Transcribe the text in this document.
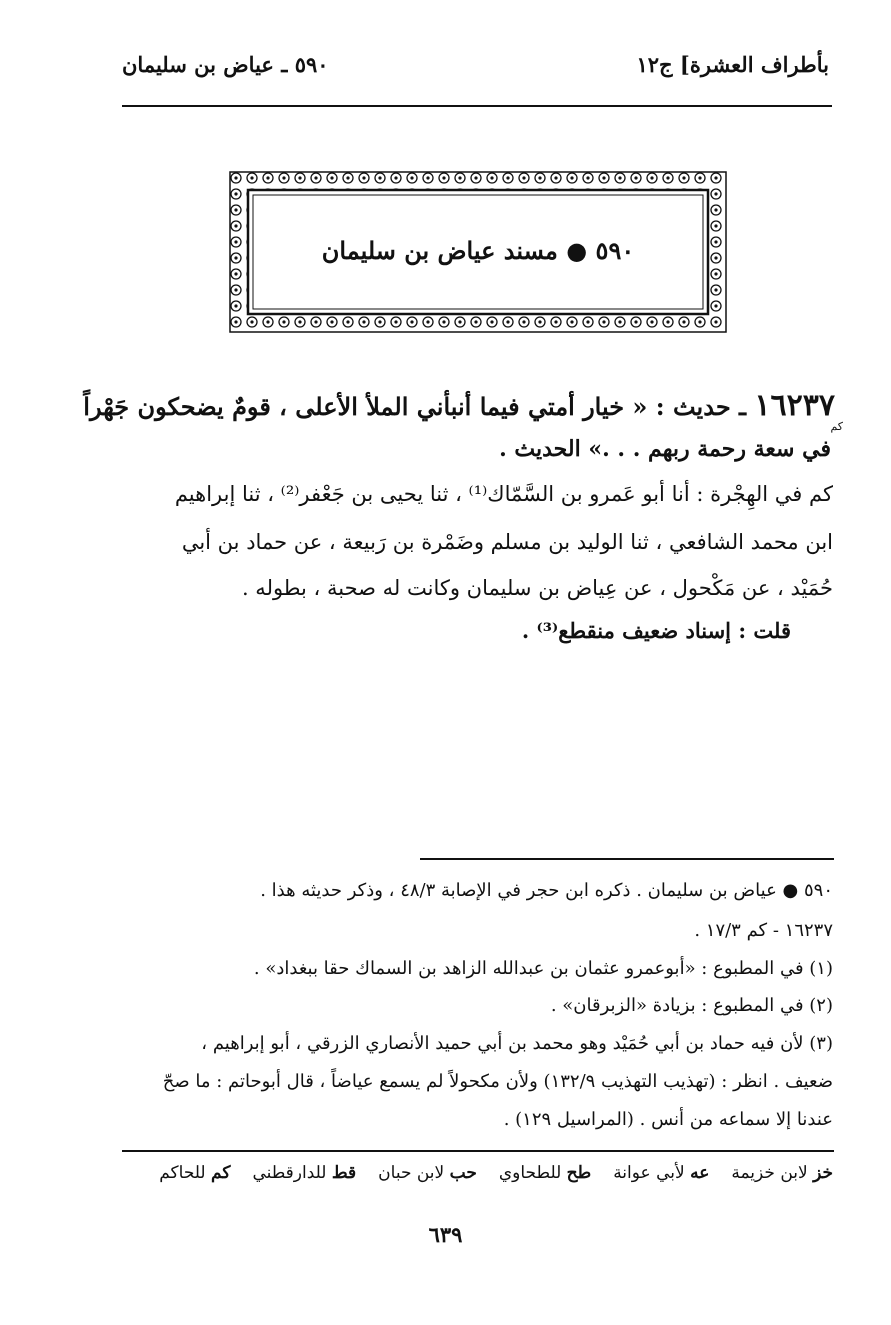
بأطراف العشرة] ج١٢
٥٩٠ ـ عياض بن سليمان
٥٩٠ ● مسند عياض بن سليمان
١٦٢٣٧ ـ حديث : « خيار أمتي فيما أنبأني الملأ الأعلى ، قومٌ يضحكون جَهْراً
كم
في سعة رحمة ربهم . . .» الحديث .
كم في الهِجْرة : أنا أبو عَمرو بن السَّمّاك⁽¹⁾ ، ثنا يحيى بن جَعْفر⁽²⁾ ، ثنا إبراهيم
ابن محمد الشافعي ، ثنا الوليد بن مسلم وضَمْرة بن رَبيعة ، عن حماد بن أبي
حُمَيْد ، عن مَكْحول ، عن عِياض بن سليمان وكانت له صحبة ، بطوله .
قلت : إسناد ضعيف منقطع⁽³⁾ .
٥٩٠ ● عياض بن سليمان . ذكره ابن حجر في الإصابة ٤٨/٣ ، وذكر حديثه هذا .
١٦٢٣٧ - كم ١٧/٣ .
(١) في المطبوع : «أبوعمرو عثمان بن عبدالله الزاهد بن السماك حقا ببغداد» .
(٢) في المطبوع : بزيادة «الزبرقان» .
(٣) لأن فيه حماد بن أبي حُمَيْد وهو محمد بن أبي حميد الأنصاري الزرقي ، أبو إبراهيم ،
ضعيف . انظر : (تهذيب التهذيب ١٣٢/٩) ولأن مكحولاً لم يسمع عياضاً ، قال أبوحاتم : ما صحّ
عندنا إلا سماعه من أنس . (المراسيل ١٢٩) .
خز لابن خزيمة
عه لأبي عوانة
طح للطحاوي
حب لابن حبان
قط للدارقطني
كم للحاكم
٦٣٩
